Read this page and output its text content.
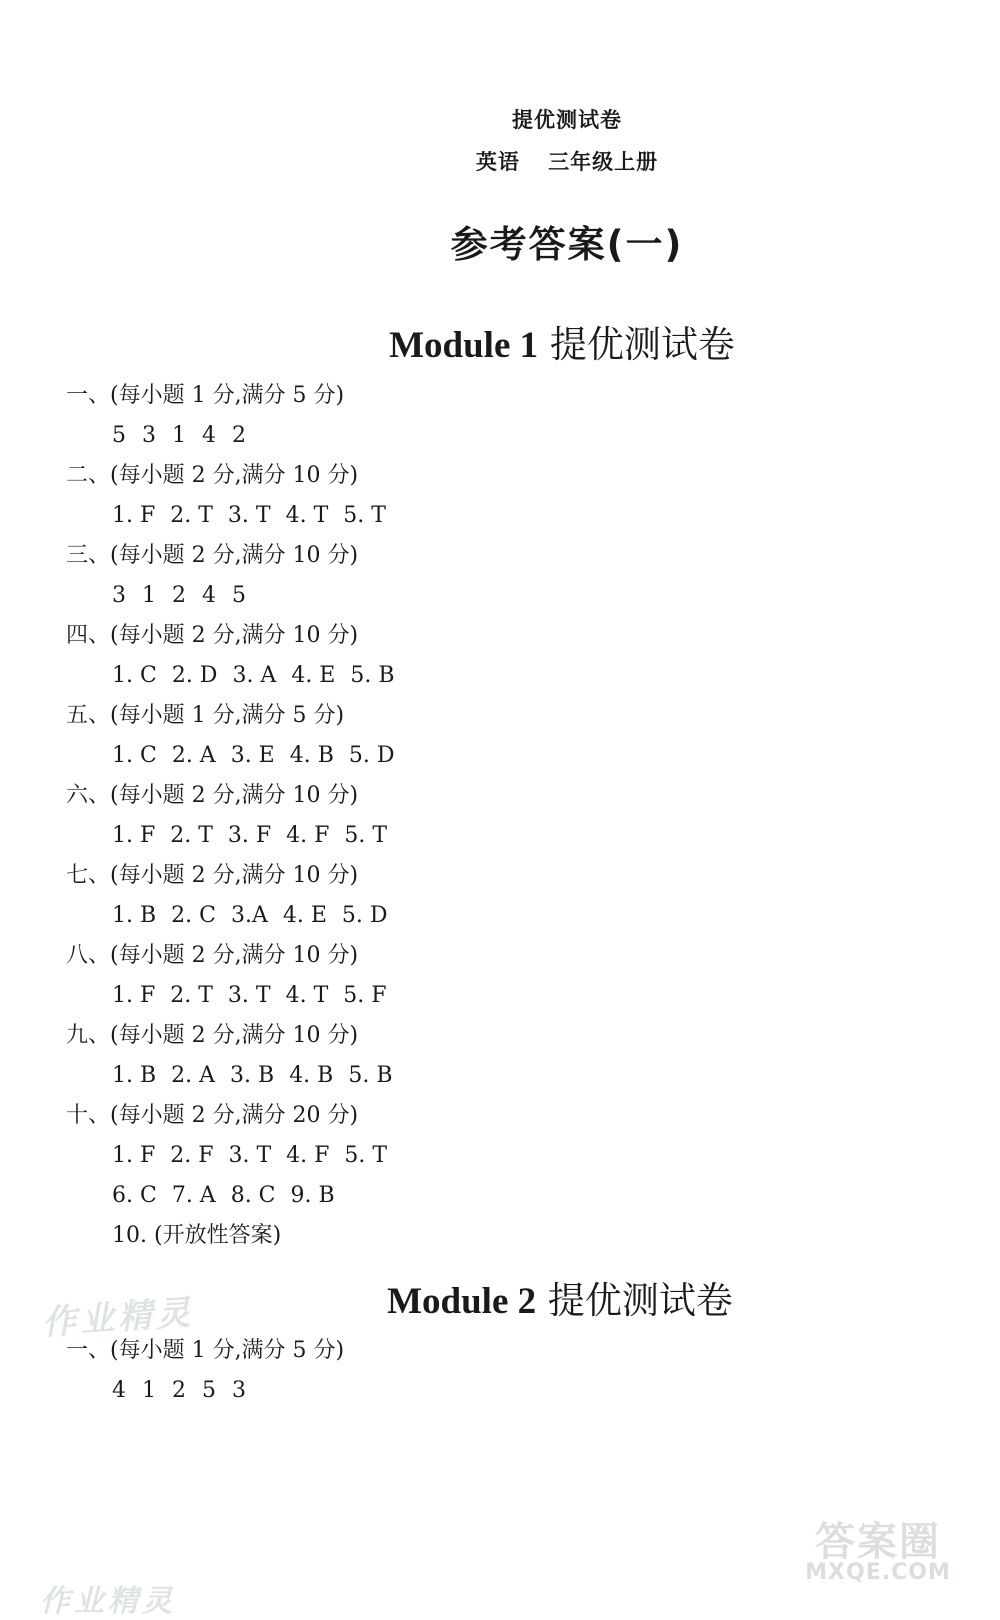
提优测试卷
英语 三年级上册
参考答案(一)
Module 1 提优测试卷
一、(每小题 1 分,满分 5 分)
5 3 1 4 2
二、(每小题 2 分,满分 10 分)
1. F 2. T 3. T 4. T 5. T
三、(每小题 2 分,满分 10 分)
3 1 2 4 5
四、(每小题 2 分,满分 10 分)
1. C 2. D 3. A 4. E 5. B
五、(每小题 1 分,满分 5 分)
1. C 2. A 3. E 4. B 5. D
六、(每小题 2 分,满分 10 分)
1. F 2. T 3. F 4. F 5. T
七、(每小题 2 分,满分 10 分)
1. B 2. C 3.A 4. E 5. D
八、(每小题 2 分,满分 10 分)
1. F 2. T 3. T 4. T 5. F
九、(每小题 2 分,满分 10 分)
1. B 2. A 3. B 4. B 5. B
十、(每小题 2 分,满分 20 分)
1. F 2. F 3. T 4. F 5. T
6. C 7. A 8. C 9. B
10. (开放性答案)
Module 2 提优测试卷
一、(每小题 1 分,满分 5 分)
4 1 2 5 3
作业精灵
作业精灵
答案圈
MXQE.COM
